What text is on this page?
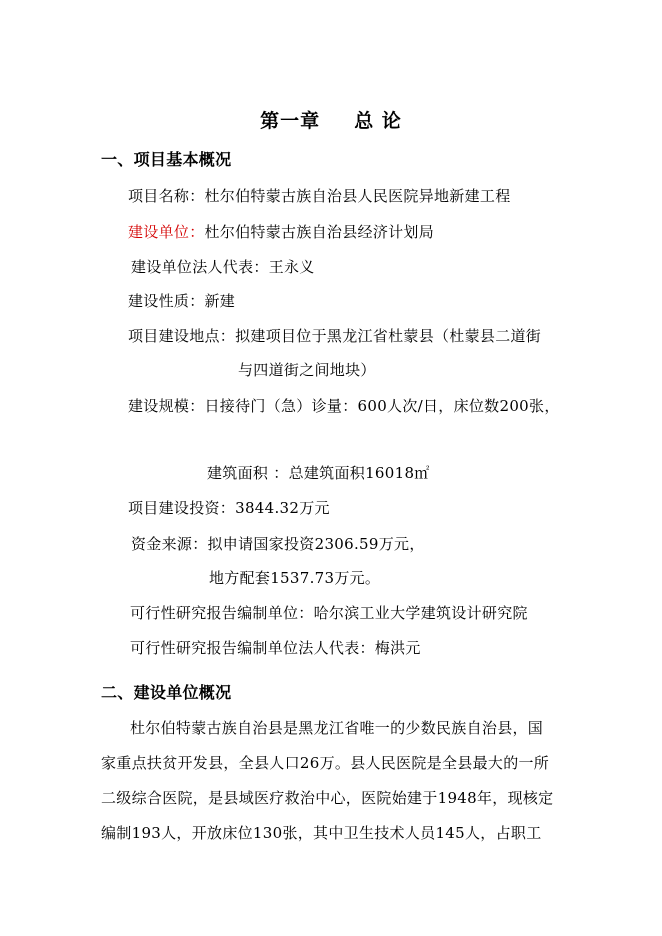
第一章 总 论
一、项目基本概况
项目名称：杜尔伯特蒙古族自治县人民医院异地新建工程
建设单位：杜尔伯特蒙古族自治县经济计划局
建设单位法人代表：王永义
建设性质：新建
项目建设地点：拟建项目位于黑龙江省杜蒙县（杜蒙县二道街
与四道街之间地块）
建设规模：日接待门（急）诊量：600人次/日，床位数200张，
建筑面积 ：总建筑面积16018㎡
项目建设投资：3844.32万元
资金来源：拟申请国家投资2306.59万元，
地方配套1537.73万元。
可行性研究报告编制单位：哈尔滨工业大学建筑设计研究院
可行性研究报告编制单位法人代表：梅洪元
二、建设单位概况
杜尔伯特蒙古族自治县是黑龙江省唯一的少数民族自治县，国
家重点扶贫开发县，全县人口26万。县人民医院是全县最大的一所
二级综合医院，是县域医疗救治中心，医院始建于1948年，现核定
编制193人，开放床位130张，其中卫生技术人员145人，占职工
